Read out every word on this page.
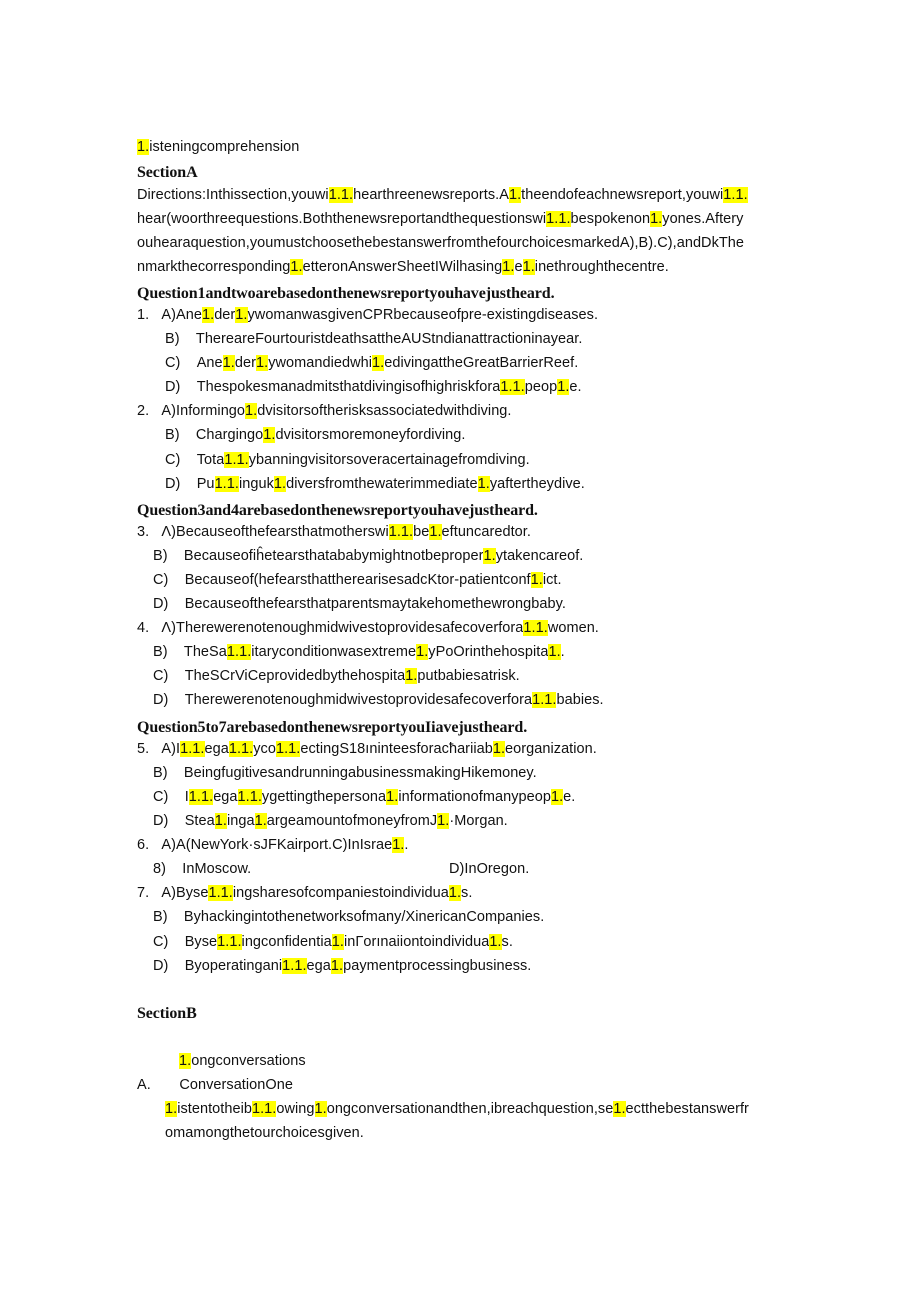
1.isteningcomprehension
SectionA
Directions:Inthissection,youwi1.1.hearthreenewsreports.A1.theendofeachnewsreport,youwi1.1.
hear(woorthreequestions.Boththenewsreportandthequestionswi1.1.bespokenon1.yones.Aftery
ouhearaquestion,youmustchoosethebestanswerfromthefourchoicesmarkedA),B).C),andDkThe
nmarkthecorresponding1.etteronAnswerSheetIWilhasing1.e1.inethroughthecentre.
Question1andtwoarebasedonthenewsreportyouhavejustheard.
1.   A)Ane1.der1.ywomanwasgivenCPRbecauseofpre-existingdiseases.
B)    ThereareFourtouristdeathsattheAUStndianattractioninayear.
C)    Ane1.der1.ywomandiedwhi1.edivingattheGreatBarrierReef.
D)    Thespokesmanadmitsthatdivingisofhighriskfora1.1.peop1.e.
2.   A)Informingo1.dvisitorsoftherisksassociatedwithdiving.
B)    Chargingo1.dvisitorsmoremoneyfordiving.
C)    Tota1.1.ybanningvisitorsoveracertainagefromdiving.
D)    Pu1.1.inguk1.diversfromthewaterimmediate1.yaftertheydive.
Question3and4arebasedonthenewsreportyouhavejustheard.
3.   Λ)Becauseofthefearsthatmotherswi1.1.be1.eftuncaredtor.
B)    Becauseofiĥetearsthatababymightnotbeproper1.ytakencareof.
C)    Becauseof(hefearsthattherearisesadcKtor-patientconf1.ict.
D)    Becauseofthefearsthatparentsmaytakehomethewrongbaby.
4.   Λ)Therewerenotenoughmidwivestoprovidesafecoverfora1.1.women.
B)    TheSa1.1.itaryconditionwasextreme1.yPoOrinthehospita1..
C)    TheSCrViCeprovidedbythehospita1.putbabiesatrisk.
D)    Therewerenotenoughmidwivestoprovidesafecoverfora1.1.babies.
Question5to7arebasedonthenewsreportyouIiavejustheard.
5.   A)I1.1.ega1.1.yco1.1.ectingS18ıninteesforacħariiab1.eorganization.
B)    BeingfugitivesandrunningabusinessmakingHikemoney.
C)    I1.1.ega1.1.ygettingthepersona1.informationofmanypeop1.e.
D)    Stea1.inga1.argeamountofmoneyfromJ1.·Morgan.
6.   A)A(NewYork·sJFKairport.C)InIsrae1..
8)    InMoscow.	D)InOregon.
7.   A)Byse1.1.ingsharesofcompaniestoindividua1.s.
B)    Byhackingintothenetworksofmany/XinericanCompanies.
C)    Byse1.1.ingconfidentia1.inΓorınaiiontoindividua1.s.
D)    Byoperatingani1.1.ega1.paymentprocessingbusiness.
SectionB
1.ongconversations
A.       ConversationOne
1.istentotheib1.1.owing1.ongconversationandthen,ibreachquestion,se1.ectthebestanswerfr
omamongthetourchoicesgiven.
